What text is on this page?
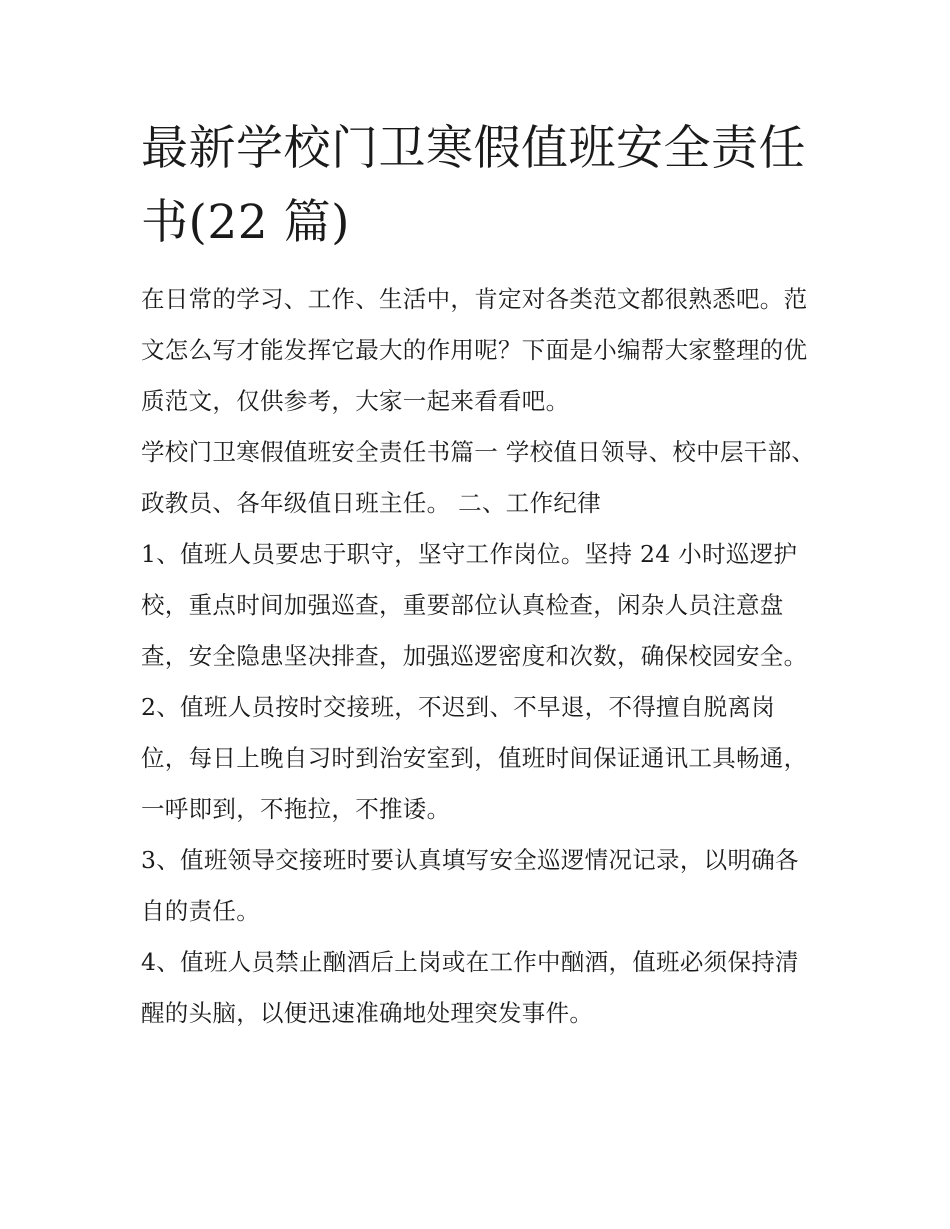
最新学校门卫寒假值班安全责任书(22 篇)

在日常的学习、工作、生活中，肯定对各类范文都很熟悉吧。范文怎么写才能发挥它最大的作用呢？下面是小编帮大家整理的优质范文，仅供参考，大家一起来看看吧。

学校门卫寒假值班安全责任书篇一 学校值日领导、校中层干部、政教员、各年级值日班主任。 二、工作纪律

1、值班人员要忠于职守，坚守工作岗位。坚持 24 小时巡逻护校，重点时间加强巡查，重要部位认真检查，闲杂人员注意盘查，安全隐患坚决排查，加强巡逻密度和次数，确保校园安全。

2、值班人员按时交接班，不迟到、不早退，不得擅自脱离岗位，每日上晚自习时到治安室到，值班时间保证通讯工具畅通，一呼即到，不拖拉，不推诿。

3、值班领导交接班时要认真填写安全巡逻情况记录，以明确各自的责任。

4、值班人员禁止酗酒后上岗或在工作中酗酒，值班必须保持清醒的头脑，以便迅速准确地处理突发事件。
